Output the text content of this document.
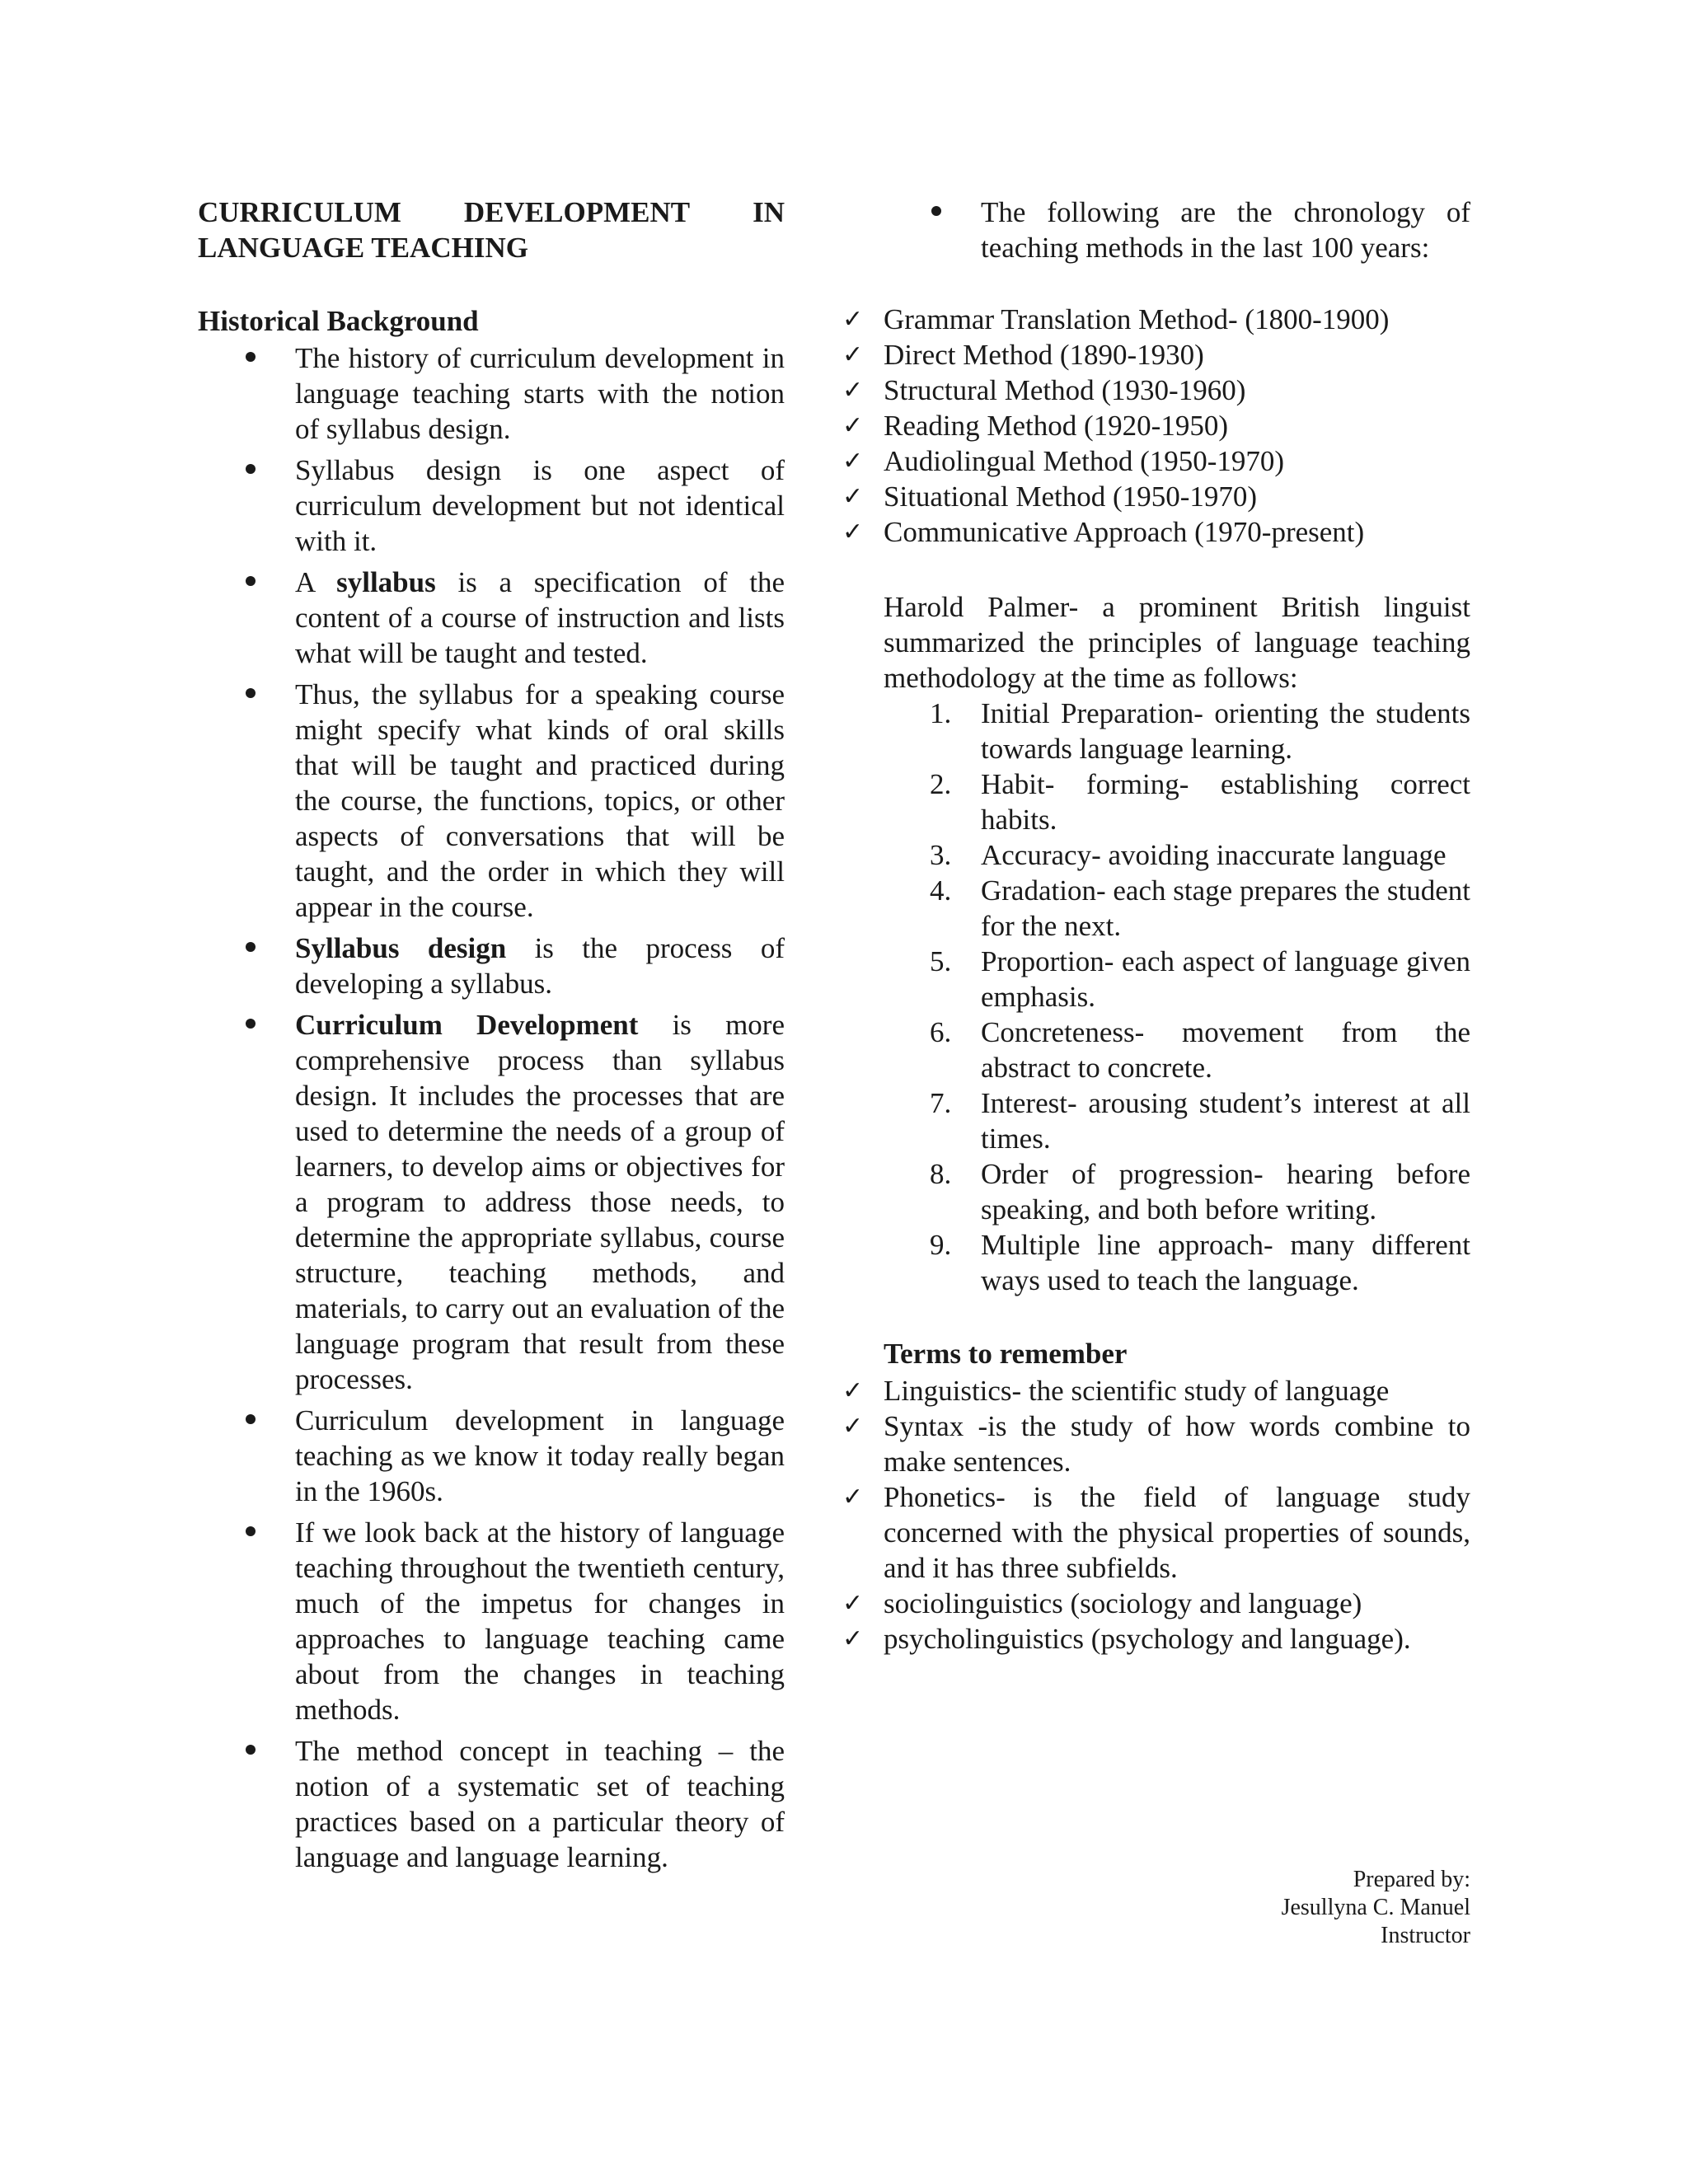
CURRICULUM DEVELOPMENT IN
LANGUAGE TEACHING
Historical Background
The history of curriculum development in language teaching starts with the notion of syllabus design.
Syllabus design is one aspect of curriculum development but not identical with it.
A syllabus is a specification of the content of a course of instruction and lists what will be taught and tested.
Thus, the syllabus for a speaking course might specify what kinds of oral skills that will be taught and practiced during the course, the functions, topics, or other aspects of conversations that will be taught, and the order in which they will appear in the course.
Syllabus design is the process of developing a syllabus.
Curriculum Development is more comprehensive process than syllabus design. It includes the processes that are used to determine the needs of a group of learners, to develop aims or objectives for a program to address those needs, to determine the appropriate syllabus, course structure, teaching methods, and materials, to carry out an evaluation of the language program that result from these processes.
Curriculum development in language teaching as we know it today really began in the 1960s.
If we look back at the history of language teaching throughout the twentieth century, much of the impetus for changes in approaches to language teaching came about from the changes in teaching methods.
The method concept in teaching – the notion of a systematic set of teaching practices based on a particular theory of language and language learning.
The following are the chronology of teaching methods in the last 100 years:
✓ Grammar Translation Method- (1800-1900)
✓ Direct Method (1890-1930)
✓ Structural Method (1930-1960)
✓ Reading Method (1920-1950)
✓ Audiolingual Method (1950-1970)
✓ Situational Method (1950-1970)
✓ Communicative Approach (1970-present)

Harold Palmer- a prominent British linguist summarized the principles of language teaching methodology at the time as follows:

1. Initial Preparation- orienting the students towards language learning.
2. Habit- forming- establishing correct habits.
3. Accuracy- avoiding inaccurate language
4. Gradation- each stage prepares the student for the next.
5. Proportion- each aspect of language given emphasis.
6. Concreteness- movement from the abstract to concrete.
7. Interest- arousing student’s interest at all times.
8. Order of progression- hearing before speaking, and both before writing.
9. Multiple line approach- many different ways used to teach the language.
Terms to remember
✓ Linguistics- the scientific study of language
✓ Syntax -is the study of how words combine to make sentences.
✓ Phonetics- is the field of language study concerned with the physical properties of sounds, and it has three subfields.
✓ sociolinguistics (sociology and language)
✓ psycholinguistics (psychology and language).
Prepared by:
Jesullyna C. Manuel
Instructor
